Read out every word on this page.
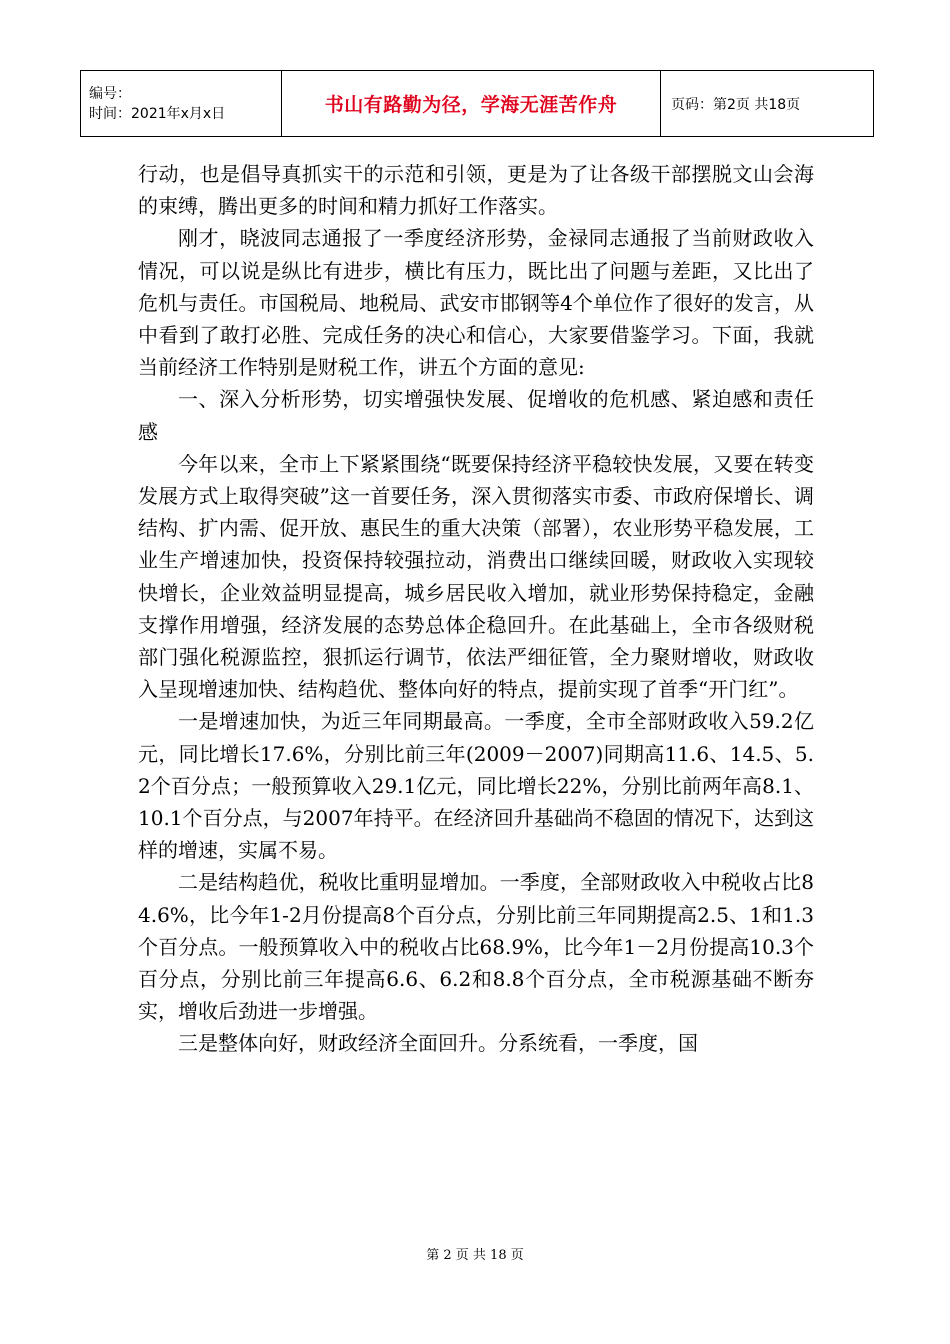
编号：
时间：2021年x月x日	书山有路勤为径，学海无涯苦作舟	页码：第2页 共18页

行动，也是倡导真抓实干的示范和引领，更是为了让各级干部摆脱文山会海的束缚，腾出更多的时间和精力抓好工作落实。

刚才，晓波同志通报了一季度经济形势，金禄同志通报了当前财政收入情况，可以说是纵比有进步，横比有压力，既比出了问题与差距，又比出了危机与责任。市国税局、地税局、武安市邯钢等4个单位作了很好的发言，从中看到了敢打必胜、完成任务的决心和信心，大家要借鉴学习。下面，我就当前经济工作特别是财税工作，讲五个方面的意见:

一、深入分析形势，切实增强快发展、促增收的危机感、紧迫感和责任感

今年以来，全市上下紧紧围绕“既要保持经济平稳较快发展，又要在转变发展方式上取得突破”这一首要任务，深入贯彻落实市委、市政府保增长、调结构、扩内需、促开放、惠民生的重大决策（部署），农业形势平稳发展，工业生产增速加快，投资保持较强拉动，消费出口继续回暖，财政收入实现较快增长，企业效益明显提高，城乡居民收入增加，就业形势保持稳定，金融支撑作用增强，经济发展的态势总体企稳回升。在此基础上，全市各级财税部门强化税源监控，狠抓运行调节，依法严细征管，全力聚财增收，财政收入呈现增速加快、结构趋优、整体向好的特点，提前实现了首季“开门红”。

一是增速加快，为近三年同期最高。一季度，全市全部财政收入59.2亿元，同比增长17.6%，分别比前三年(2009－2007)同期高11.6、14.5、5.2个百分点；一般预算收入29.1亿元，同比增长22%，分别比前两年高8.1、10.1个百分点，与2007年持平。在经济回升基础尚不稳固的情况下，达到这样的增速，实属不易。

二是结构趋优，税收比重明显增加。一季度，全部财政收入中税收占比84.6%，比今年1-2月份提高8个百分点，分别比前三年同期提高2.5、1和1.3个百分点。一般预算收入中的税收占比68.9%，比今年1－2月份提高10.3个百分点，分别比前三年提高6.6、6.2和8.8个百分点，全市税源基础不断夯实，增收后劲进一步增强。

三是整体向好，财政经济全面回升。分系统看，一季度，国

第 2 页 共 18 页
